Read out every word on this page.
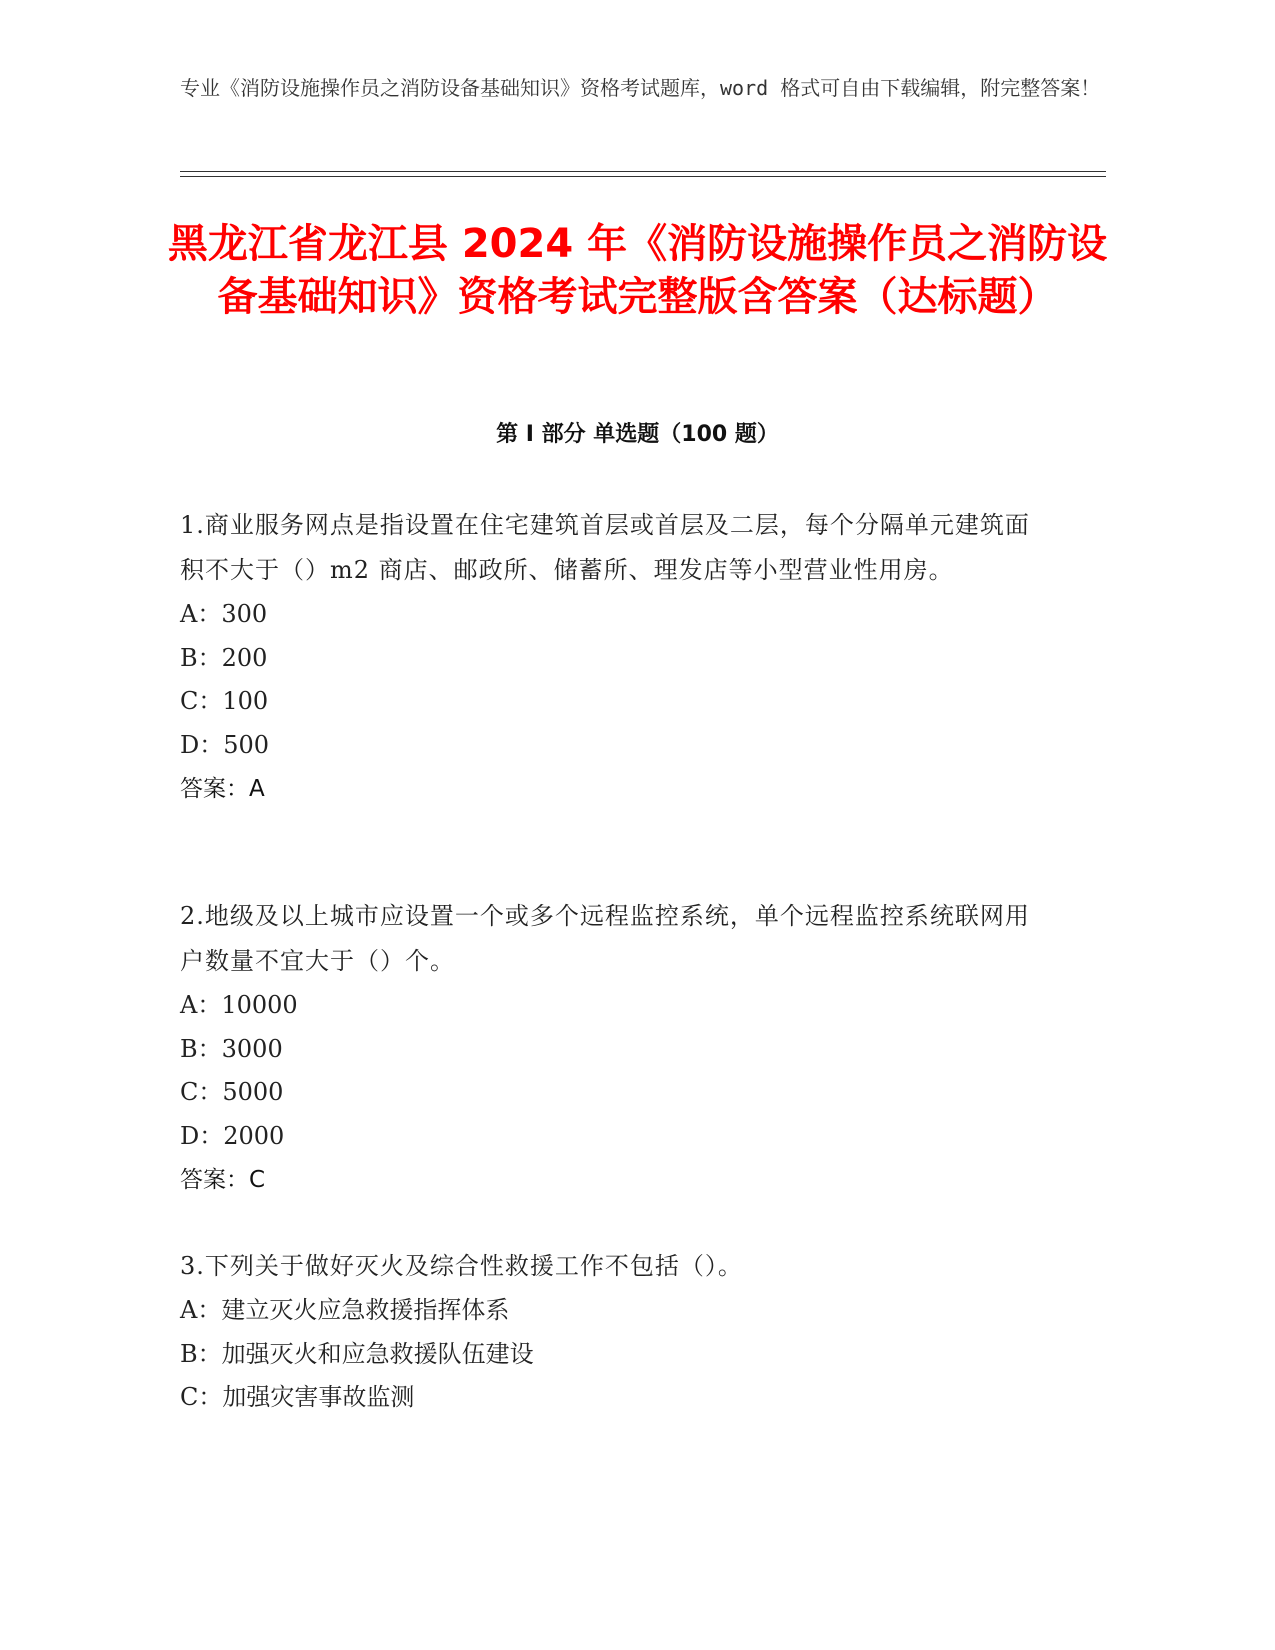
专业《消防设施操作员之消防设备基础知识》资格考试题库，word 格式可自由下载编辑，附完整答案！
黑龙江省龙江县 2024 年《消防设施操作员之消防设备基础知识》资格考试完整版含答案（达标题）
第 I 部分 单选题（100 题）

1.商业服务网点是指设置在住宅建筑首层或首层及二层，每个分隔单元建筑面积不大于（）m2 商店、邮政所、储蓄所、理发店等小型营业性用房。

A：300

B：200

C：100

D：500

答案：A

2.地级及以上城市应设置一个或多个远程监控系统，单个远程监控系统联网用户数量不宜大于（）个。

A：10000

B：3000

C：5000

D：2000

答案：C

3.下列关于做好灭火及综合性救援工作不包括（）。

A：建立灭火应急救援指挥体系

B：加强灭火和应急救援队伍建设

C：加强灾害事故监测
